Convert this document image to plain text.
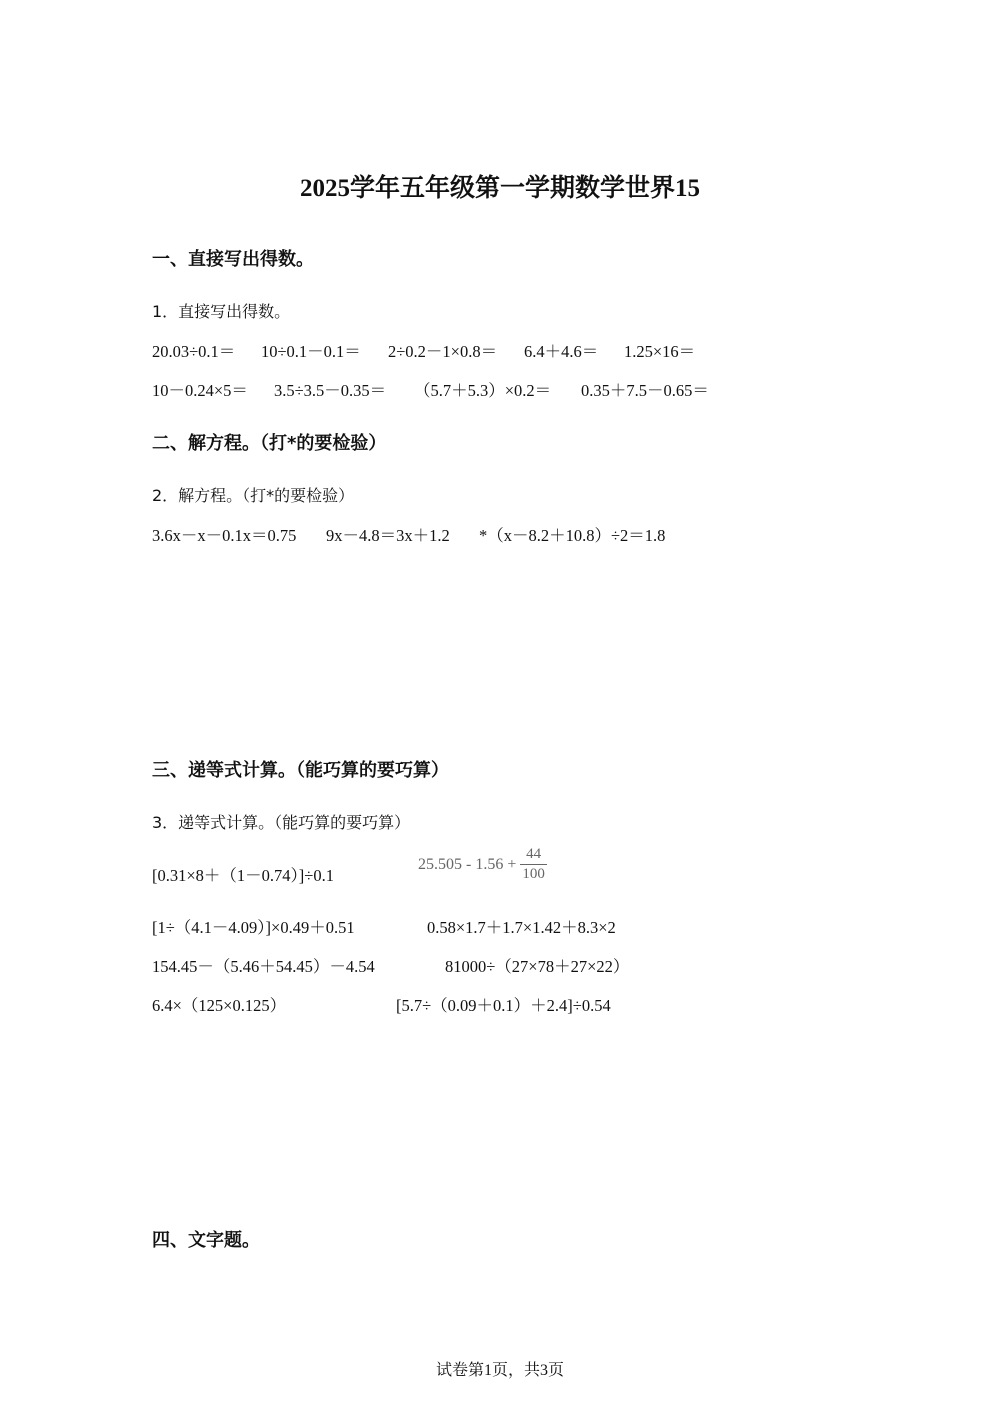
2025学年五年级第一学期数学世界15
一、直接写出得数。
1．直接写出得数。
20.03÷0.1＝ 10÷0.1－0.1＝ 2÷0.2－1×0.8＝ 6.4＋4.6＝ 1.25×16＝
10－0.24×5＝ 3.5÷3.5－0.35＝ （5.7＋5.3）×0.2＝ 0.35＋7.5－0.65＝
二、解方程。（打*的要检验）
2．解方程。（打*的要检验）
3.6x－x－0.1x＝0.75 9x－4.8＝3x＋1.2 *（x－8.2＋10.8）÷2＝1.8
三、递等式计算。（能巧算的要巧算）
3．递等式计算。（能巧算的要巧算）
[0.31×8＋（1－0.74）]÷0.1
$25.505 - 1.56 + \frac{44}{100}$
[1÷（4.1－4.09）]×0.49＋0.51	0.58×1.7＋1.7×1.42＋8.3×2
154.45－（5.46＋54.45）－4.54	81000÷（27×78＋27×22）
6.4×（125×0.125）	[5.7÷（0.09＋0.1）＋2.4]÷0.54
四、文字题。
试卷第1页，共3页
